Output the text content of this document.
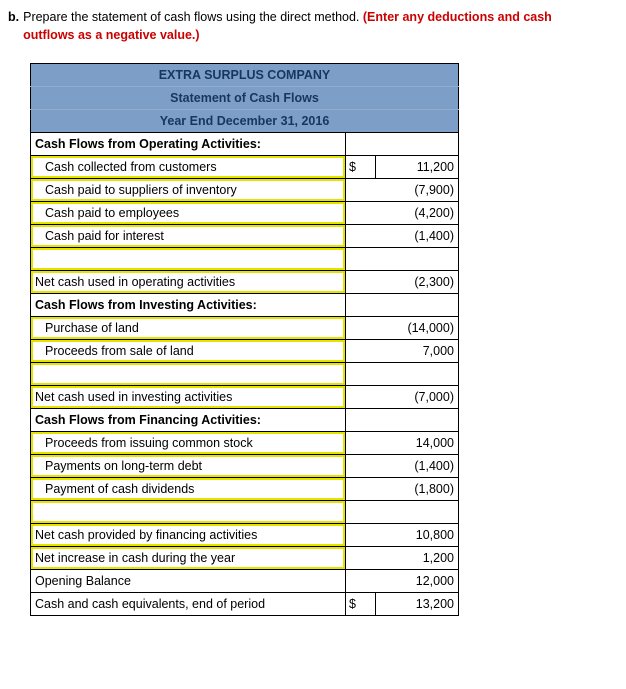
b. Prepare the statement of cash flows using the direct method. (Enter any deductions and cash
outflows as a negative value.)
EXTRA SURPLUS COMPANY		
Statement of Cash Flows		
Year End December 31, 2016		
Cash Flows from Operating Activities:		
Cash collected from customers	$	11,200
Cash paid to suppliers of inventory	(7,900)	
Cash paid to employees	(4,200)	
Cash paid for interest	(1,400)	

Net cash used in operating activities	(2,300)	
Cash Flows from Investing Activities:		
Purchase of land	(14,000)	
Proceeds from sale of land	7,000	

Net cash used in investing activities	(7,000)	
Cash Flows from Financing Activities:		
Proceeds from issuing common stock	14,000	
Payments on long-term debt	(1,400)	
Payment of cash dividends	(1,800)	

Net cash provided by financing activities	10,800	
Net increase in cash during the year	1,200	
Opening Balance	12,000	
Cash and cash equivalents, end of period	$	13,200
